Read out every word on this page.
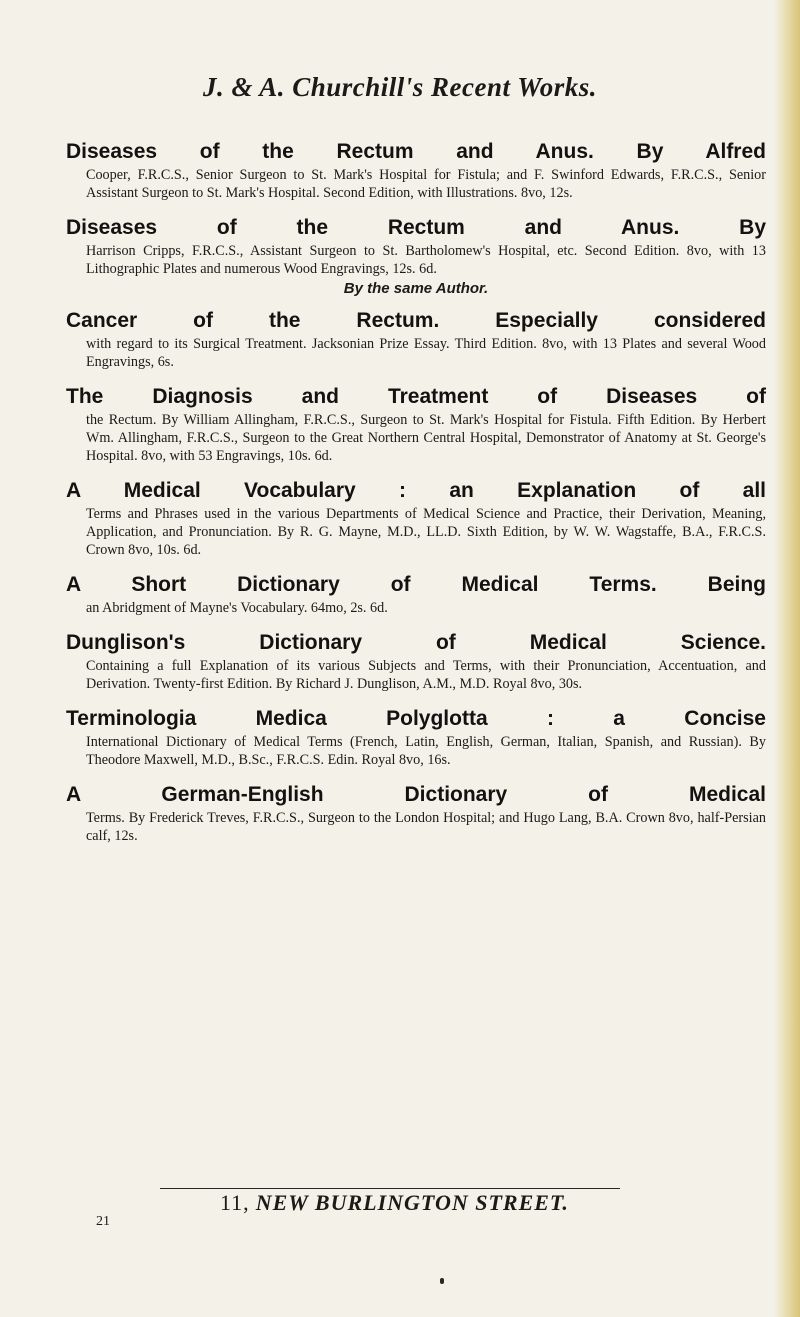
J. & A. Churchill's Recent Works.

Diseases of the Rectum and Anus. By Alfred

Cooper, F.R.C.S., Senior Surgeon to St. Mark's Hospital for Fistula; and F. Swinford Edwards, F.R.C.S., Senior Assistant Surgeon to St. Mark's Hospital. Second Edition, with Illustrations. 8vo, 12s.

Diseases of the Rectum and Anus. By

Harrison Cripps, F.R.C.S., Assistant Surgeon to St. Bartholomew's Hospital, etc. Second Edition. 8vo, with 13 Lithographic Plates and numerous Wood Engravings, 12s. 6d.

By the same Author.

Cancer of the Rectum. Especially considered

with regard to its Surgical Treatment. Jacksonian Prize Essay. Third Edition. 8vo, with 13 Plates and several Wood Engravings, 6s.

The Diagnosis and Treatment of Diseases of

the Rectum. By William Allingham, F.R.C.S., Surgeon to St. Mark's Hospital for Fistula. Fifth Edition. By Herbert Wm. Allingham, F.R.C.S., Surgeon to the Great Northern Central Hospital, Demonstrator of Anatomy at St. George's Hospital. 8vo, with 53 Engravings, 10s. 6d.

A Medical Vocabulary : an Explanation of all

Terms and Phrases used in the various Departments of Medical Science and Practice, their Derivation, Meaning, Application, and Pronunciation. By R. G. Mayne, M.D., LL.D. Sixth Edition, by W. W. Wagstaffe, B.A., F.R.C.S. Crown 8vo, 10s. 6d.

A Short Dictionary of Medical Terms. Being

an Abridgment of Mayne's Vocabulary. 64mo, 2s. 6d.

Dunglison's Dictionary of Medical Science.

Containing a full Explanation of its various Subjects and Terms, with their Pronunciation, Accentuation, and Derivation. Twenty-first Edition. By Richard J. Dunglison, A.M., M.D. Royal 8vo, 30s.

Terminologia Medica Polyglotta : a Concise

International Dictionary of Medical Terms (French, Latin, English, German, Italian, Spanish, and Russian). By Theodore Maxwell, M.D., B.Sc., F.R.C.S. Edin. Royal 8vo, 16s.

A German-English Dictionary of Medical

Terms. By Frederick Treves, F.R.C.S., Surgeon to the London Hospital; and Hugo Lang, B.A. Crown 8vo, half-Persian calf, 12s.

11, NEW BURLINGTON STREET.
21
